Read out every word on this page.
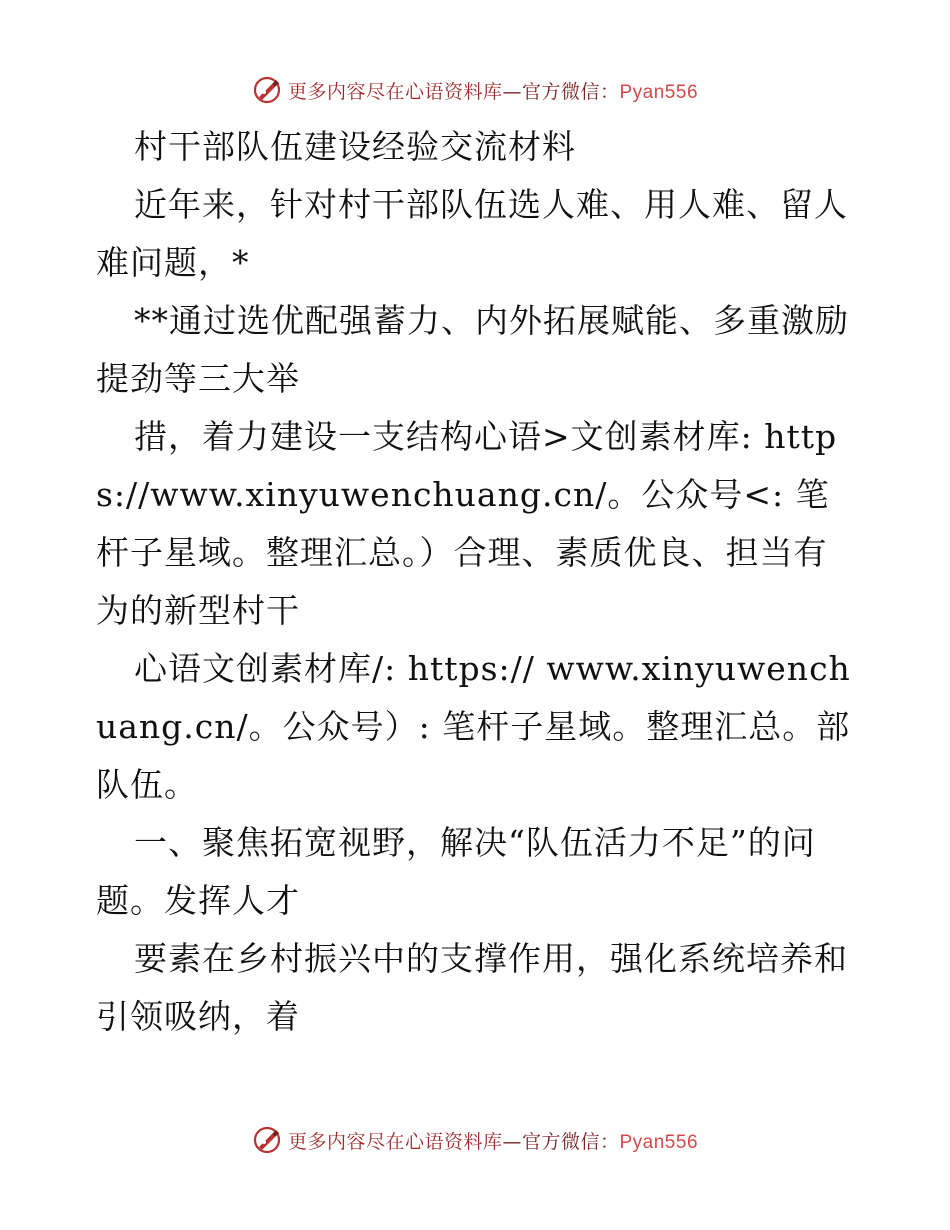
更多内容尽在心语资料库—官方微信：Pyan556

村干部队伍建设经验交流材料

近年来，针对村干部队伍选人难、用人难、留人难问题，*

**通过选优配强蓄力、内外拓展赋能、多重激励提劲等三大举

措，着力建设一支结构心语>文创素材库: https://www.xinyuwenchuang.cn/。公众号<: 笔杆子星域。整理汇总。）合理、素质优良、担当有为的新型村干

心语文创素材库/: https:// www.xinyuwenchuang.cn/。公众号）: 笔杆子星域。整理汇总。部队伍。

一、聚焦拓宽视野，解决“队伍活力不足”的问题。发挥人才

要素在乡村振兴中的支撑作用，强化系统培养和引领吸纳，着

更多内容尽在心语资料库—官方微信：Pyan556
